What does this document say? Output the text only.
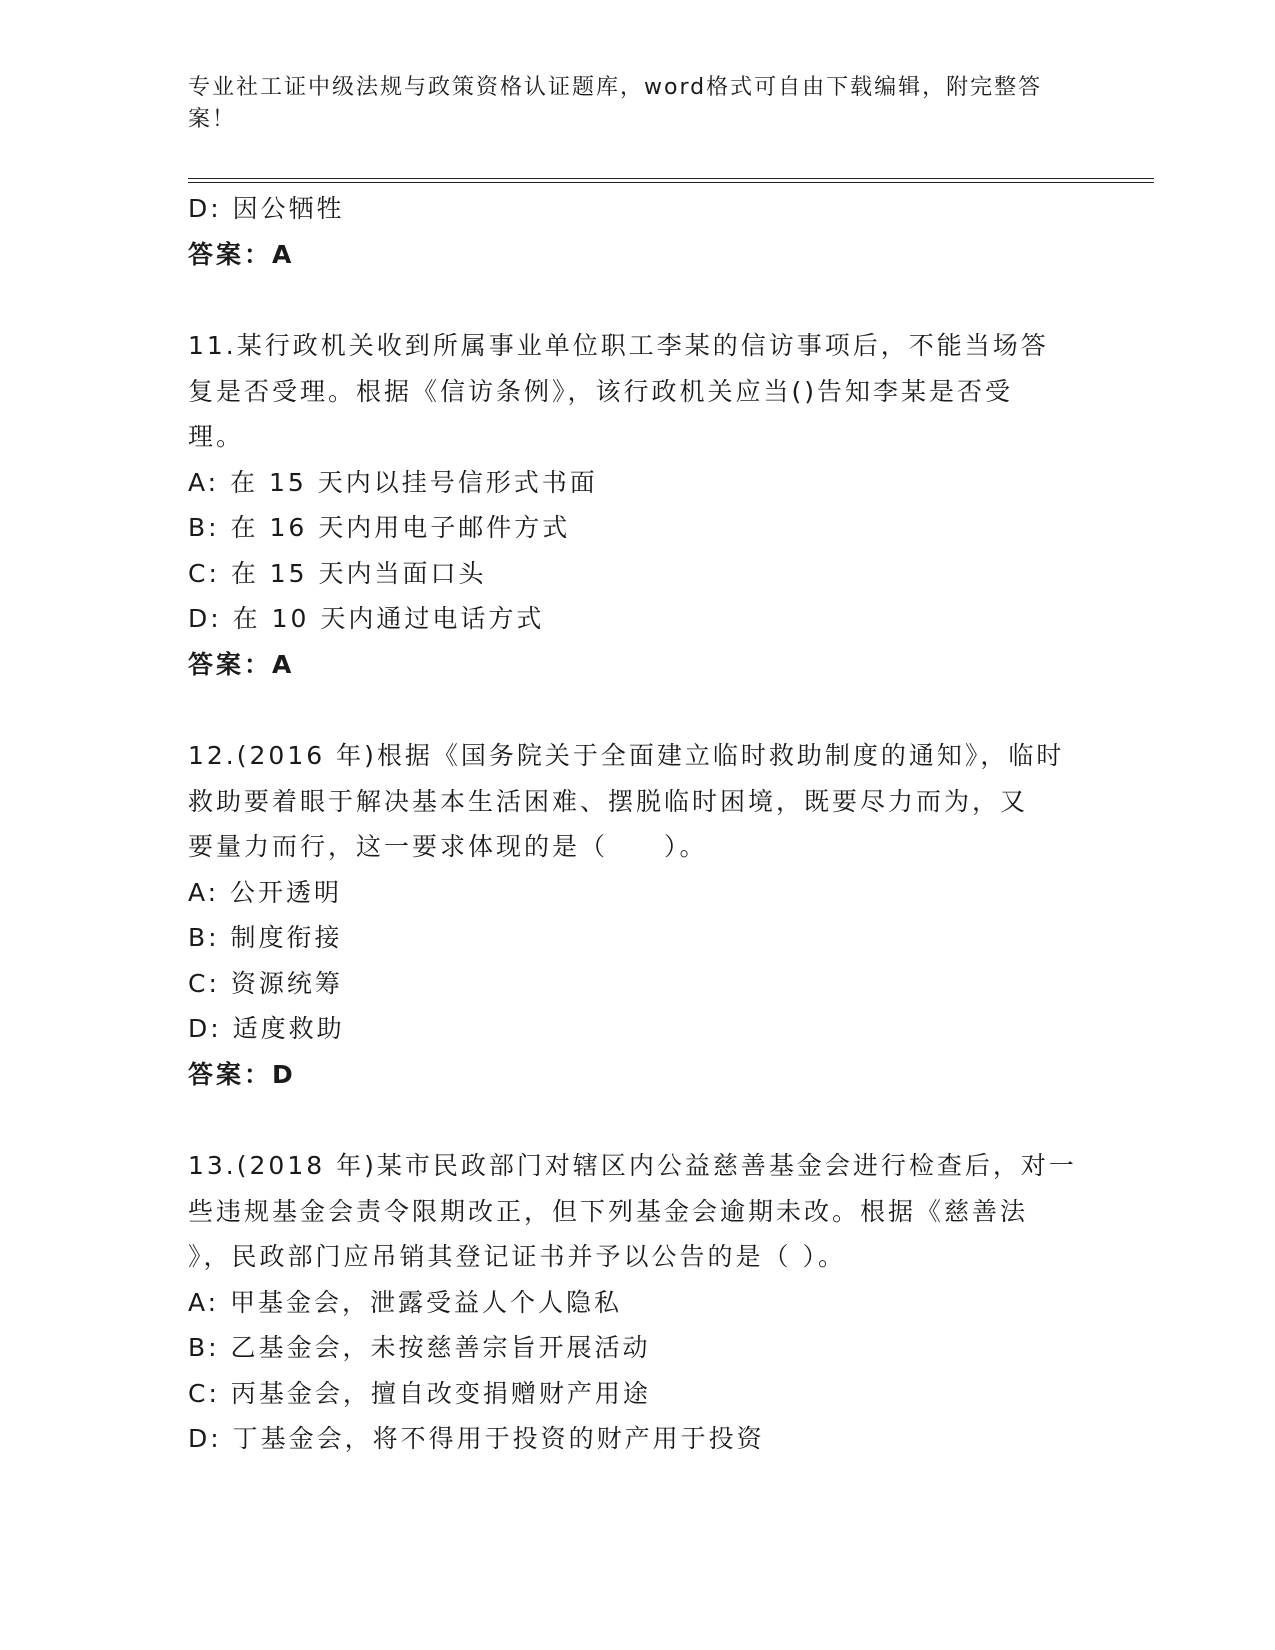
专业社工证中级法规与政策资格认证题库，word格式可自由下载编辑，附完整答案！
D: 因公牺牲
答案：A
11.某行政机关收到所属事业单位职工李某的信访事项后，不能当场答
复是否受理。根据《信访条例》，该行政机关应当()告知李某是否受
理。
A: 在 15 天内以挂号信形式书面
B: 在 16 天内用电子邮件方式
C: 在 15 天内当面口头
D: 在 10 天内通过电话方式
答案：A
12.(2016 年)根据《国务院关于全面建立临时救助制度的通知》，临时
救助要着眼于解决基本生活困难、摆脱临时困境，既要尽力而为，又
要量力而行，这一要求体现的是（　　）。
A: 公开透明
B: 制度衔接
C: 资源统筹
D: 适度救助
答案：D
13.(2018 年)某市民政部门对辖区内公益慈善基金会进行检查后，对一
些违规基金会责令限期改正，但下列基金会逾期未改。根据《慈善法
》，民政部门应吊销其登记证书并予以公告的是（ ）。
A: 甲基金会，泄露受益人个人隐私
B: 乙基金会，未按慈善宗旨开展活动
C: 丙基金会，擅自改变捐赠财产用途
D: 丁基金会，将不得用于投资的财产用于投资
